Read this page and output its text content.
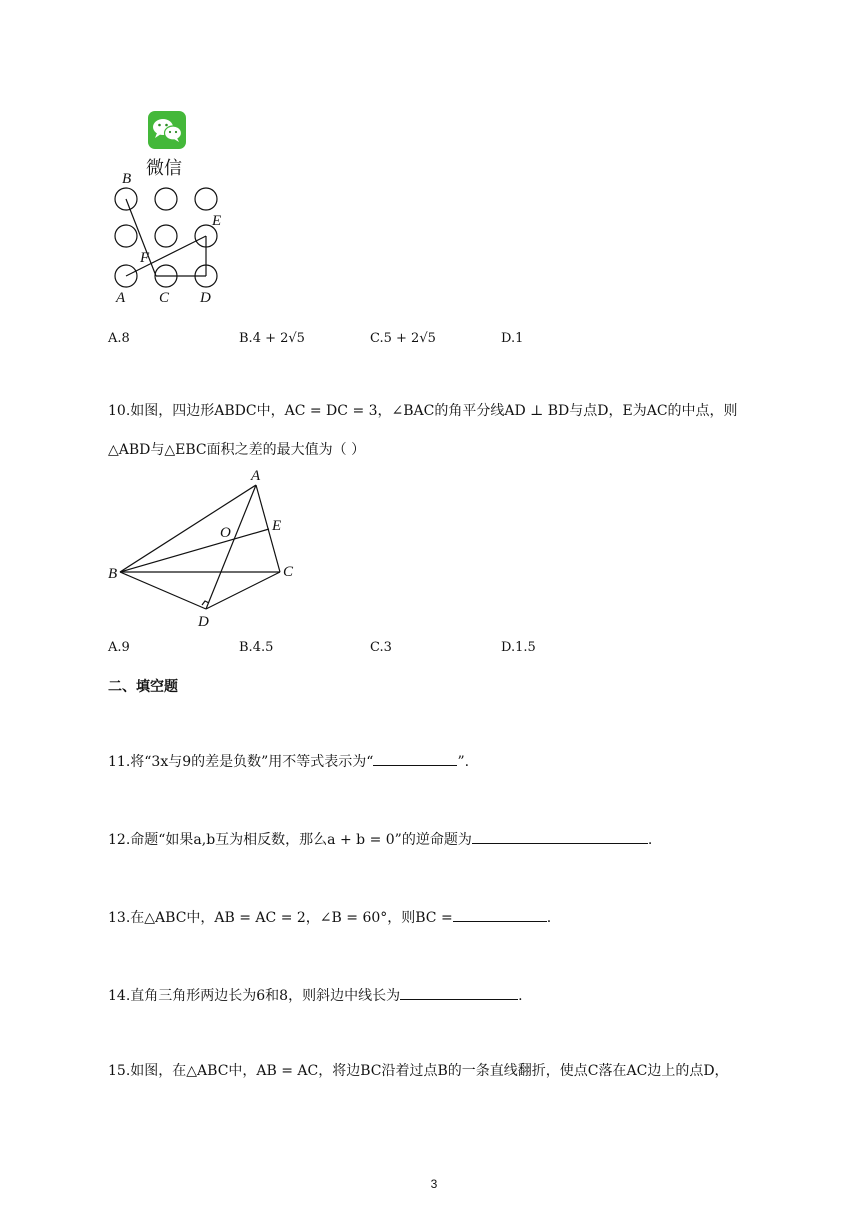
微信
B
E
F
A C D
A.8	B.4 + 2√5	C.5 + 2√5	D.1
10.如图，四边形ABDC中，AC = DC = 3，∠BAC的角平分线AD ⊥ BD与点D，E为AC的中点，则
△ABD与△EBC面积之差的最大值为（ ）
A
O	E
B	C
D
A.9	B.4.5	C.3	D.1.5
二、填空题
11.将“3x与9的差是负数”用不等式表示为“	”.
12.命题“如果a,b互为相反数，那么a + b = 0”的逆命题为	.
13.在△ABC中，AB = AC = 2，∠B = 60°，则BC =	.
14.直角三角形两边长为6和8，则斜边中线长为	.
15.如图，在△ABC中，AB = AC，将边BC沿着过点B的一条直线翻折，使点C落在AC边上的点D，
3
